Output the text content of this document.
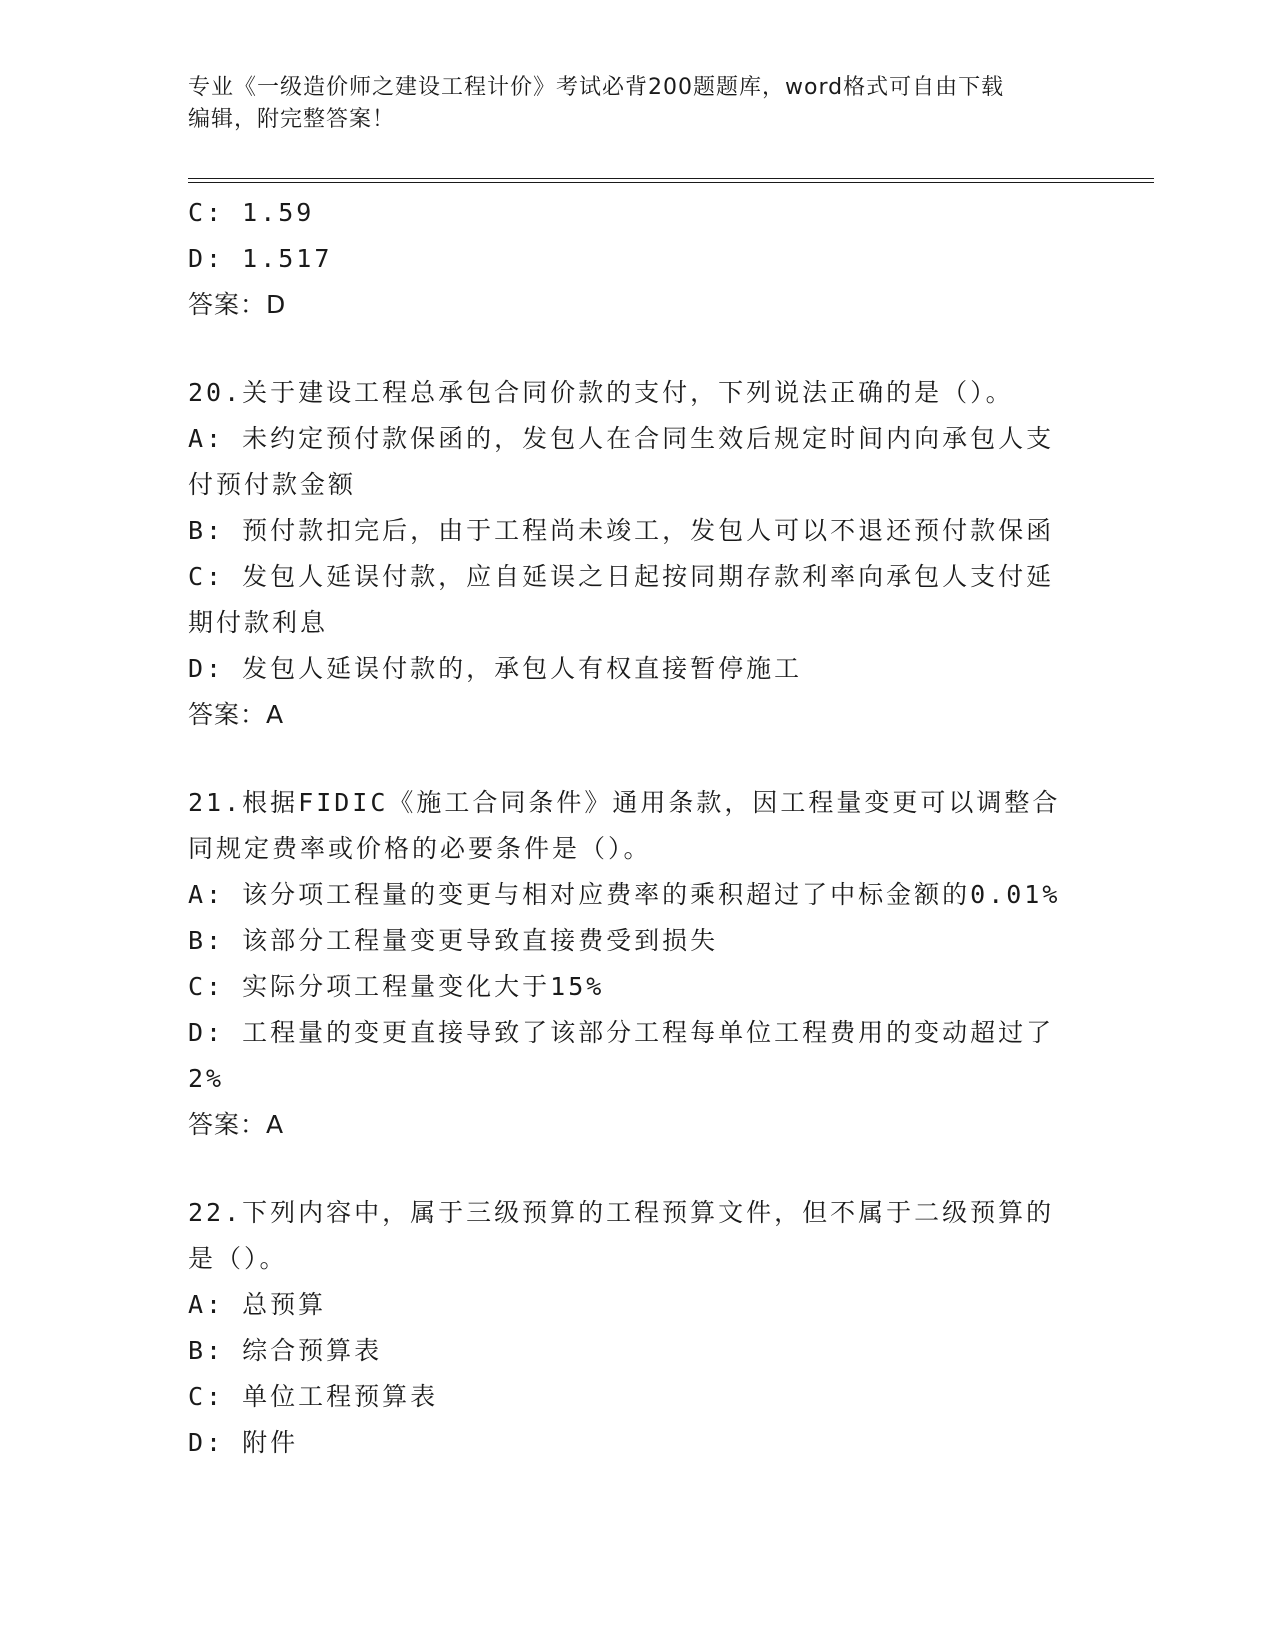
专业《一级造价师之建设工程计价》考试必背200题题库，word格式可自由下载
编辑，附完整答案！
C: 1.59
D: 1.517
答案：D
20.关于建设工程总承包合同价款的支付，下列说法正确的是（）。
A: 未约定预付款保函的，发包人在合同生效后规定时间内向承包人支
付预付款金额
B: 预付款扣完后，由于工程尚未竣工，发包人可以不退还预付款保函
C: 发包人延误付款，应自延误之日起按同期存款利率向承包人支付延
期付款利息
D: 发包人延误付款的，承包人有权直接暂停施工
答案：A
21.根据FIDIC《施工合同条件》通用条款，因工程量变更可以调整合
同规定费率或价格的必要条件是（）。
A: 该分项工程量的变更与相对应费率的乘积超过了中标金额的0.01%
B: 该部分工程量变更导致直接费受到损失
C: 实际分项工程量变化大于15%
D: 工程量的变更直接导致了该部分工程每单位工程费用的变动超过了
2%
答案：A
22.下列内容中，属于三级预算的工程预算文件，但不属于二级预算的
是（）。
A: 总预算
B: 综合预算表
C: 单位工程预算表
D: 附件
